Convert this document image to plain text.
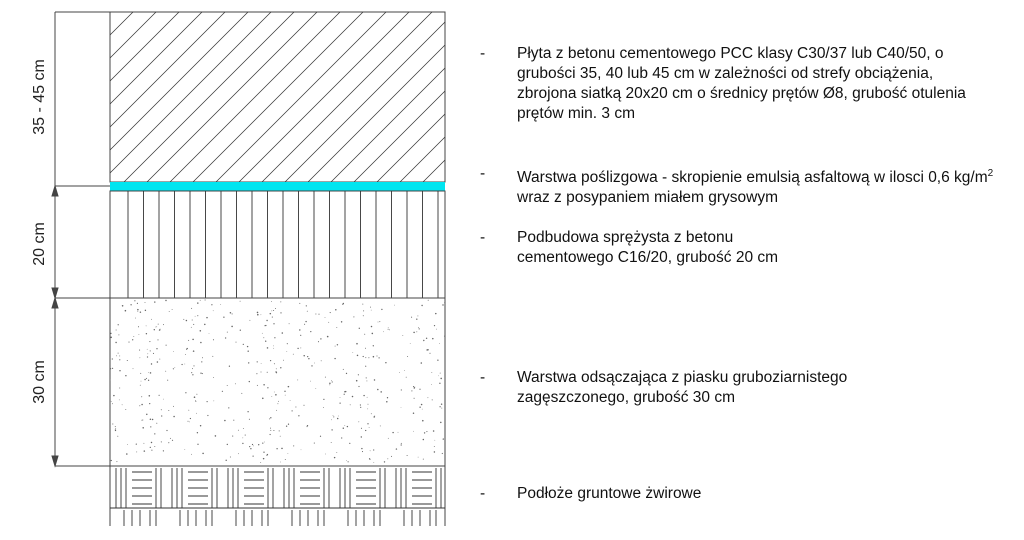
35 - 45 cm
20 cm
30 cm
- Płyta z betonu cementowego PCC klasy C30/37 lub C40/50, o grubości 35, 40 lub 45 cm w zależności od strefy obciążenia, zbrojona siatką 20x20 cm o średnicy prętów Ø8, grubość otulenia prętów min. 3 cm
- Warstwa poślizgowa - skropienie emulsią asfaltową w ilosci 0,6 $kg/m^2$ wraz z posypaniem miałem grysowym
- Podbudowa sprężysta z betonu
cementowego C16/20, grubość 20 cm
- Warstwa odsączająca z piasku gruboziarnistego
zagęszczonego, grubość 30 cm
- Podłoże gruntowe żwirowe
